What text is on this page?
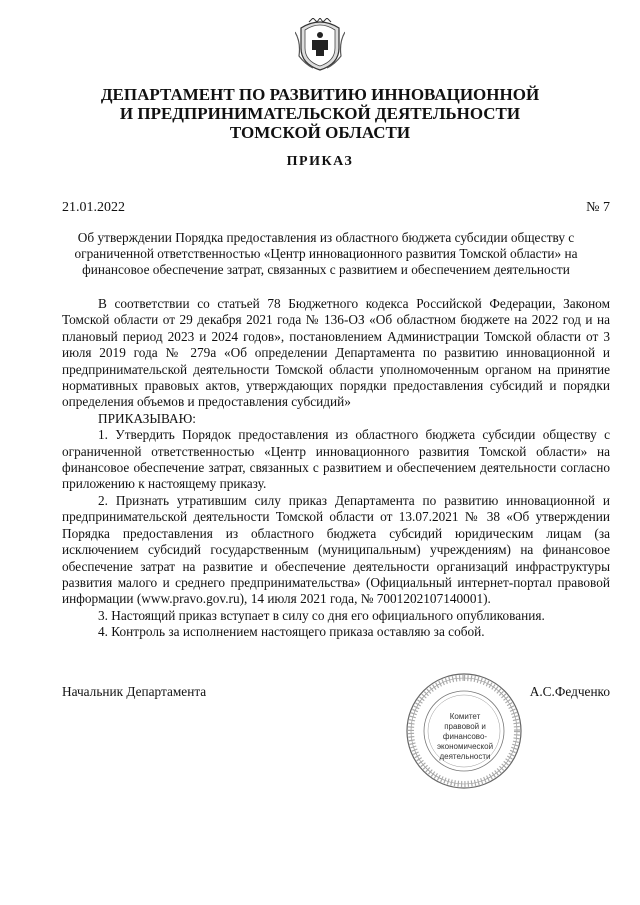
ДЕПАРТАМЕНТ ПО РАЗВИТИЮ ИННОВАЦИОННОЙ
И ПРЕДПРИНИМАТЕЛЬСКОЙ ДЕЯТЕЛЬНОСТИ
ТОМСКОЙ ОБЛАСТИ
ПРИКАЗ
21.01.2022	№ 7
Об утверждении Порядка предоставления из областного бюджета субсидии обществу с ограниченной ответственностью «Центр инновационного развития Томской области» на финансовое обеспечение затрат, связанных с развитием и обеспечением деятельности

В соответствии со статьей 78 Бюджетного кодекса Российской Федерации, Законом Томской области от 29 декабря 2021 года № 136-ОЗ «Об областном бюджете на 2022 год и на плановый период 2023 и 2024 годов», постановлением Администрации Томской области от 3 июля 2019 года № 279а «Об определении Департамента по развитию инновационной и предпринимательской деятельности Томской области уполномоченным органом на принятие нормативных правовых актов, утверждающих порядки предоставления субсидий и порядки определения объемов и предоставления субсидий»

ПРИКАЗЫВАЮ:

1. Утвердить Порядок предоставления из областного бюджета субсидии обществу с ограниченной ответственностью «Центр инновационного развития Томской области» на финансовое обеспечение затрат, связанных с развитием и обеспечением деятельности согласно приложению к настоящему приказу.

2. Признать утратившим силу приказ Департамента по развитию инновационной и предпринимательской деятельности Томской области от 13.07.2021 № 38 «Об утверждении Порядка предоставления из областного бюджета субсидий юридическим лицам (за исключением субсидий государственным (муниципальным) учреждениям) на финансовое обеспечение затрат на развитие и обеспечение деятельности организаций инфраструктуры развития малого и среднего предпринимательства» (Официальный интернет-портал правовой информации (www.pravo.gov.ru), 14 июля 2021 года, № 7001202107140001).

3. Настоящий приказ вступает в силу со дня его официального опубликования.

4. Контроль за исполнением настоящего приказа оставляю за собой.

Начальник Департамента	А.С.Федченко
Комитет
правовой и
финансово-
экономической
деятельности
